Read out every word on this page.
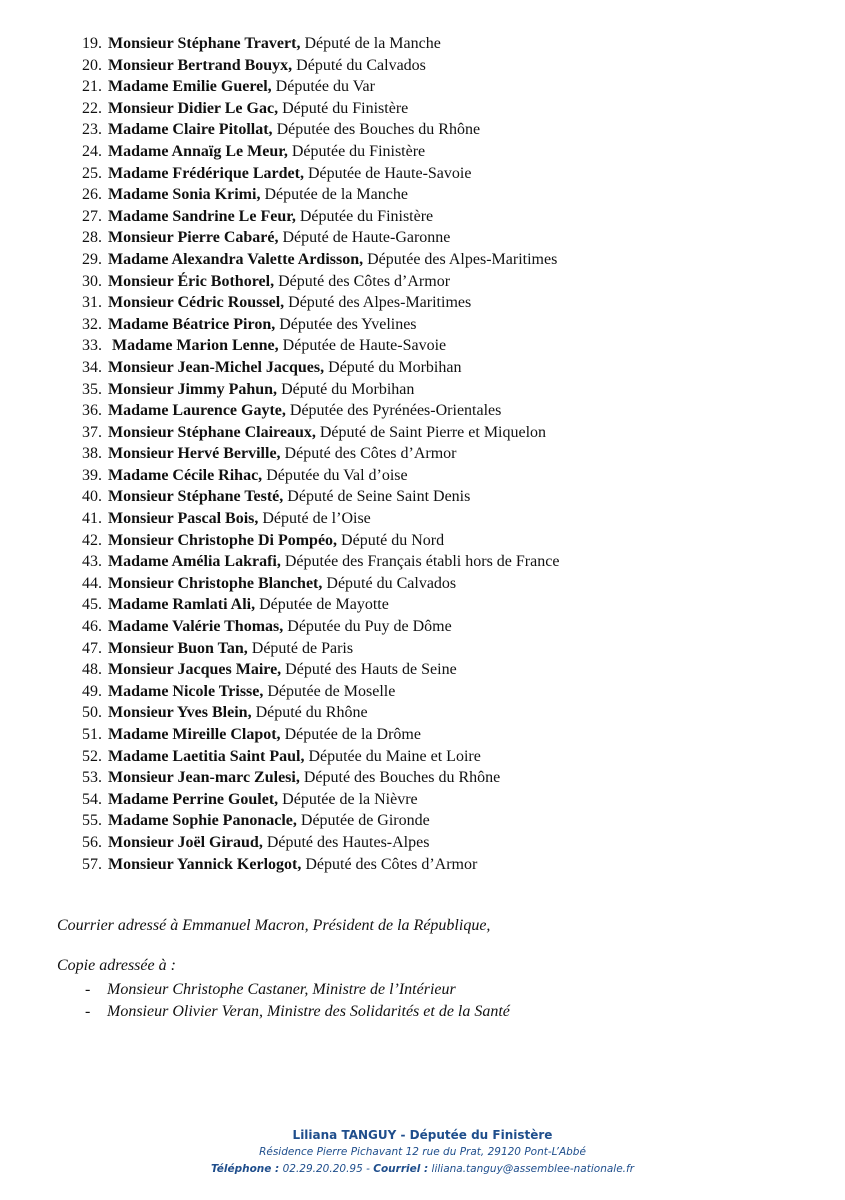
19. Monsieur Stéphane Travert, Député de la Manche
20. Monsieur Bertrand Bouyx, Député du Calvados
21. Madame Emilie Guerel, Députée du Var
22. Monsieur Didier Le Gac, Député du Finistère
23. Madame Claire Pitollat, Députée des Bouches du Rhône
24. Madame Annaïg Le Meur, Députée du Finistère
25. Madame Frédérique Lardet, Députée de Haute-Savoie
26. Madame Sonia Krimi, Députée de la Manche
27. Madame Sandrine Le Feur, Députée du Finistère
28. Monsieur Pierre Cabaré, Député de Haute-Garonne
29. Madame Alexandra Valette Ardisson, Députée des Alpes-Maritimes
30. Monsieur Éric Bothorel, Député des Côtes d’Armor
31. Monsieur Cédric Roussel, Député des Alpes-Maritimes
32. Madame Béatrice Piron, Députée des Yvelines
33. Madame Marion Lenne, Députée de Haute-Savoie
34. Monsieur Jean-Michel Jacques, Député du Morbihan
35. Monsieur Jimmy Pahun, Député du Morbihan
36. Madame Laurence Gayte, Députée des Pyrénées-Orientales
37. Monsieur Stéphane Claireaux, Député de Saint Pierre et Miquelon
38. Monsieur Hervé Berville, Député des Côtes d’Armor
39. Madame Cécile Rihac, Députée du Val d’oise
40. Monsieur Stéphane Testé, Député de Seine Saint Denis
41. Monsieur Pascal Bois, Député de l’Oise
42. Monsieur Christophe Di Pompéo, Député du Nord
43. Madame Amélia Lakrafi, Députée des Français établi hors de France
44. Monsieur Christophe Blanchet, Député du Calvados
45. Madame Ramlati Ali, Députée de Mayotte
46. Madame Valérie Thomas, Députée du Puy de Dôme
47. Monsieur Buon Tan, Député de Paris
48. Monsieur Jacques Maire, Député des Hauts de Seine
49. Madame Nicole Trisse, Députée de Moselle
50. Monsieur Yves Blein, Député du Rhône
51. Madame Mireille Clapot, Députée de la Drôme
52. Madame Laetitia Saint Paul, Députée du Maine et Loire
53. Monsieur Jean-marc Zulesi, Député des Bouches du Rhône
54. Madame Perrine Goulet, Députée de la Nièvre
55. Madame Sophie Panonacle, Députée de Gironde
56. Monsieur Joël Giraud, Député des Hautes-Alpes
57. Monsieur Yannick Kerlogot, Député des Côtes d’Armor
Courrier adressé à Emmanuel Macron, Président de la République,
Copie adressée à :
- Monsieur Christophe Castaner, Ministre de l’Intérieur
- Monsieur Olivier Veran, Ministre des Solidarités et de la Santé
Liliana TANGUY - Députée du Finistère
Résidence Pierre Pichavant 12 rue du Prat, 29120 Pont-L’Abbé
Téléphone : 02.29.20.20.95 - Courriel : liliana.tanguy@assemblee-nationale.fr
